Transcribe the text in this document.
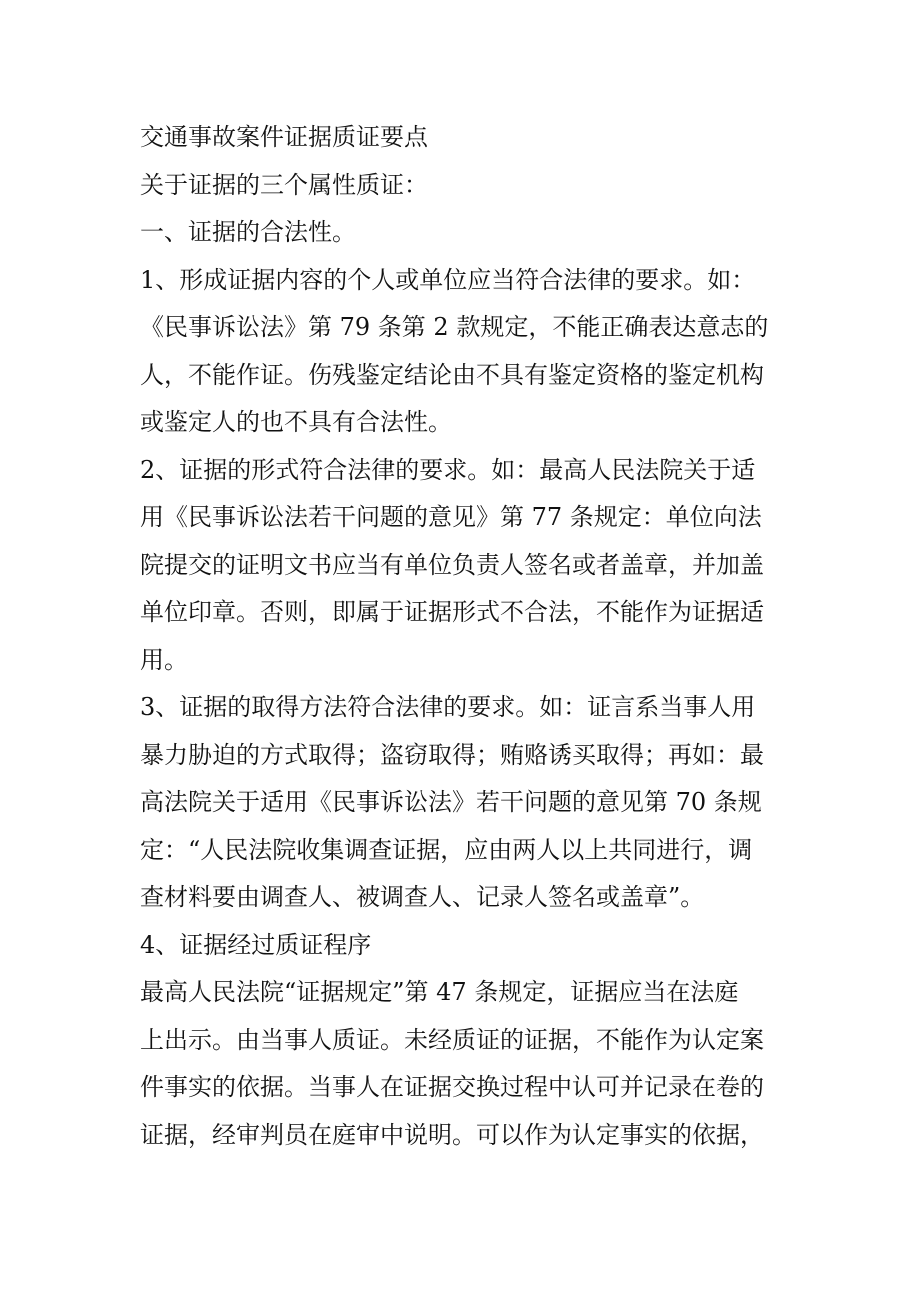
交通事故案件证据质证要点
关于证据的三个属性质证：
一、证据的合法性。
1、形成证据内容的个人或单位应当符合法律的要求。如：
《民事诉讼法》第 79 条第 2 款规定，不能正确表达意志的
人，不能作证。伤残鉴定结论由不具有鉴定资格的鉴定机构
或鉴定人的也不具有合法性。
2、证据的形式符合法律的要求。如：最高人民法院关于适
用《民事诉讼法若干问题的意见》第 77 条规定：单位向法
院提交的证明文书应当有单位负责人签名或者盖章，并加盖
单位印章。否则，即属于证据形式不合法，不能作为证据适
用。
3、证据的取得方法符合法律的要求。如：证言系当事人用
暴力胁迫的方式取得；盗窃取得；贿赂诱买取得；再如：最
高法院关于适用《民事诉讼法》若干问题的意见第 70 条规
定：“人民法院收集调查证据，应由两人以上共同进行，调
查材料要由调查人、被调查人、记录人签名或盖章”。
4、证据经过质证程序
最高人民法院“证据规定”第 47 条规定，证据应当在法庭
上出示。由当事人质证。未经质证的证据，不能作为认定案
件事实的依据。当事人在证据交换过程中认可并记录在卷的
证据，经审判员在庭审中说明。可以作为认定事实的依据，
